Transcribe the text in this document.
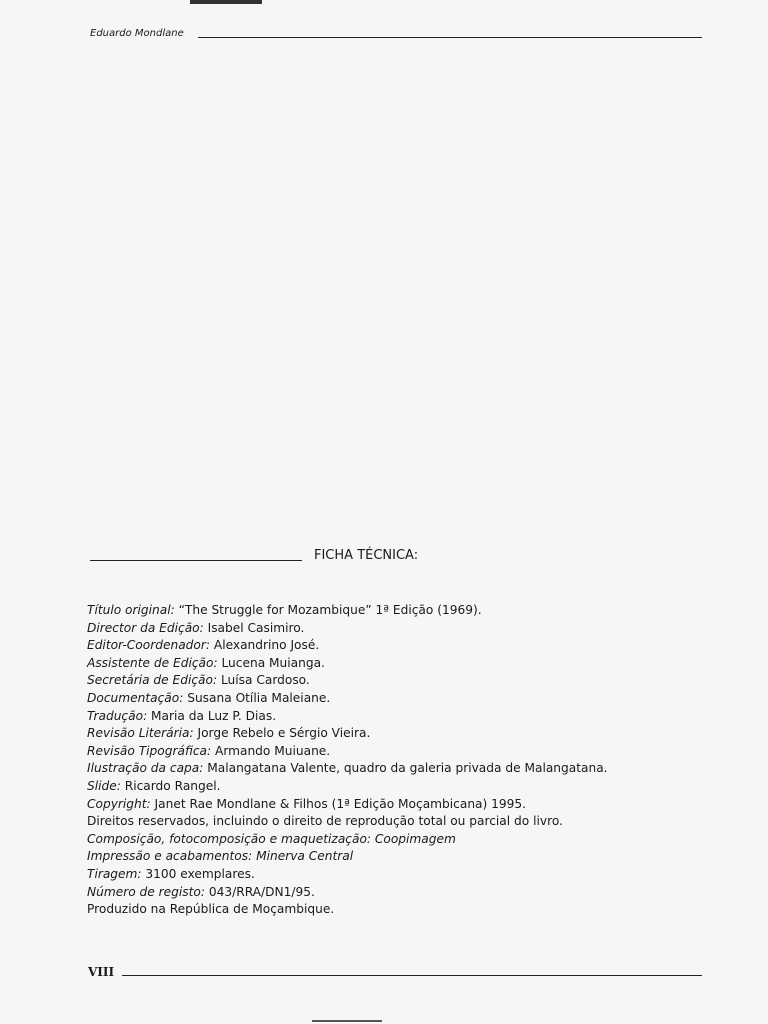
Eduardo Mondlane
FICHA TÉCNICA:
Título original: “The Struggle for Mozambique” 1ª Edição (1969).
Director da Edição: Isabel Casimiro.
Editor-Coordenador: Alexandrino José.
Assistente de Edição: Lucena Muianga.
Secretária de Edição: Luísa Cardoso.
Documentação: Susana Otília Maleiane.
Tradução: Maria da Luz P. Dias.
Revisão Literária: Jorge Rebelo e Sérgio Vieira.
Revisão Tipográfica: Armando Muiuane.
Ilustração da capa: Malangatana Valente, quadro da galeria privada de Malangatana.
Slide: Ricardo Rangel.
Copyright: Janet Rae Mondlane & Filhos (1ª Edição Moçambicana) 1995.
Direitos reservados, incluindo o direito de reprodução total ou parcial do livro.
Composição, fotocomposição e maquetização: Coopimagem
Impressão e acabamentos: Minerva Central
Tiragem: 3100 exemplares.
Número de registo: 043/RRA/DN1/95.
Produzido na República de Moçambique.
VIII
